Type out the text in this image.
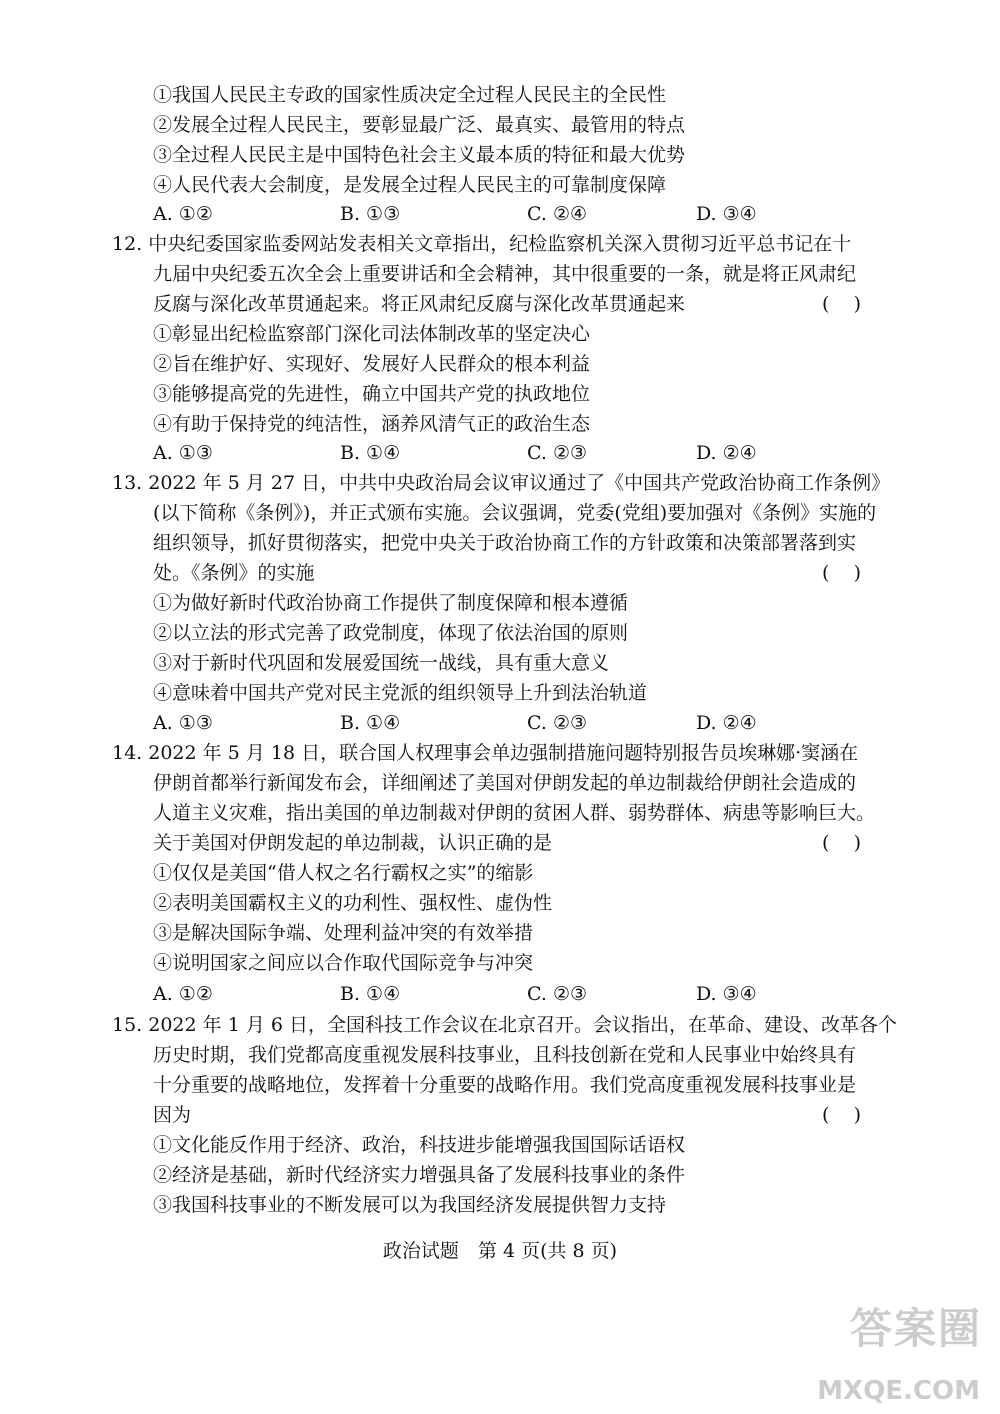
①我国人民民主专政的国家性质决定全过程人民民主的全民性
②发展全过程人民民主，要彰显最广泛、最真实、最管用的特点
③全过程人民民主是中国特色社会主义最本质的特征和最大优势
④人民代表大会制度，是发展全过程人民民主的可靠制度保障
A. ①②	B. ①③	C. ②④	D. ③④
12. 中央纪委国家监委网站发表相关文章指出，纪检监察机关深入贯彻习近平总书记在十
九届中央纪委五次全会上重要讲话和全会精神，其中很重要的一条，就是将正风肃纪
反腐与深化改革贯通起来。将正风肃纪反腐与深化改革贯通起来	(    )
①彰显出纪检监察部门深化司法体制改革的坚定决心
②旨在维护好、实现好、发展好人民群众的根本利益
③能够提高党的先进性，确立中国共产党的执政地位
④有助于保持党的纯洁性，涵养风清气正的政治生态
A. ①③	B. ①④	C. ②③	D. ②④
13. 2022 年 5 月 27 日，中共中央政治局会议审议通过了《中国共产党政治协商工作条例》
(以下简称《条例》)，并正式颁布实施。会议强调，党委(党组)要加强对《条例》实施的
组织领导，抓好贯彻落实，把党中央关于政治协商工作的方针政策和决策部署落到实
处。《条例》的实施	(    )
①为做好新时代政治协商工作提供了制度保障和根本遵循
②以立法的形式完善了政党制度，体现了依法治国的原则
③对于新时代巩固和发展爱国统一战线，具有重大意义
④意味着中国共产党对民主党派的组织领导上升到法治轨道
A. ①③	B. ①④	C. ②③	D. ②④
14. 2022 年 5 月 18 日，联合国人权理事会单边强制措施问题特别报告员埃琳娜·窦涵在
伊朗首都举行新闻发布会，详细阐述了美国对伊朗发起的单边制裁给伊朗社会造成的
人道主义灾难，指出美国的单边制裁对伊朗的贫困人群、弱势群体、病患等影响巨大。
关于美国对伊朗发起的单边制裁，认识正确的是	(    )
①仅仅是美国“借人权之名行霸权之实”的缩影
②表明美国霸权主义的功利性、强权性、虚伪性
③是解决国际争端、处理利益冲突的有效举措
④说明国家之间应以合作取代国际竞争与冲突
A. ①②	B. ①④	C. ②③	D. ③④
15. 2022 年 1 月 6 日，全国科技工作会议在北京召开。会议指出，在革命、建设、改革各个
历史时期，我们党都高度重视发展科技事业，且科技创新在党和人民事业中始终具有
十分重要的战略地位，发挥着十分重要的战略作用。我们党高度重视发展科技事业是
因为	(    )
①文化能反作用于经济、政治，科技进步能增强我国国际话语权
②经济是基础，新时代经济实力增强具备了发展科技事业的条件
③我国科技事业的不断发展可以为我国经济发展提供智力支持
政治试题　第 4 页(共 8 页)
答案圈
MXQE.COM
